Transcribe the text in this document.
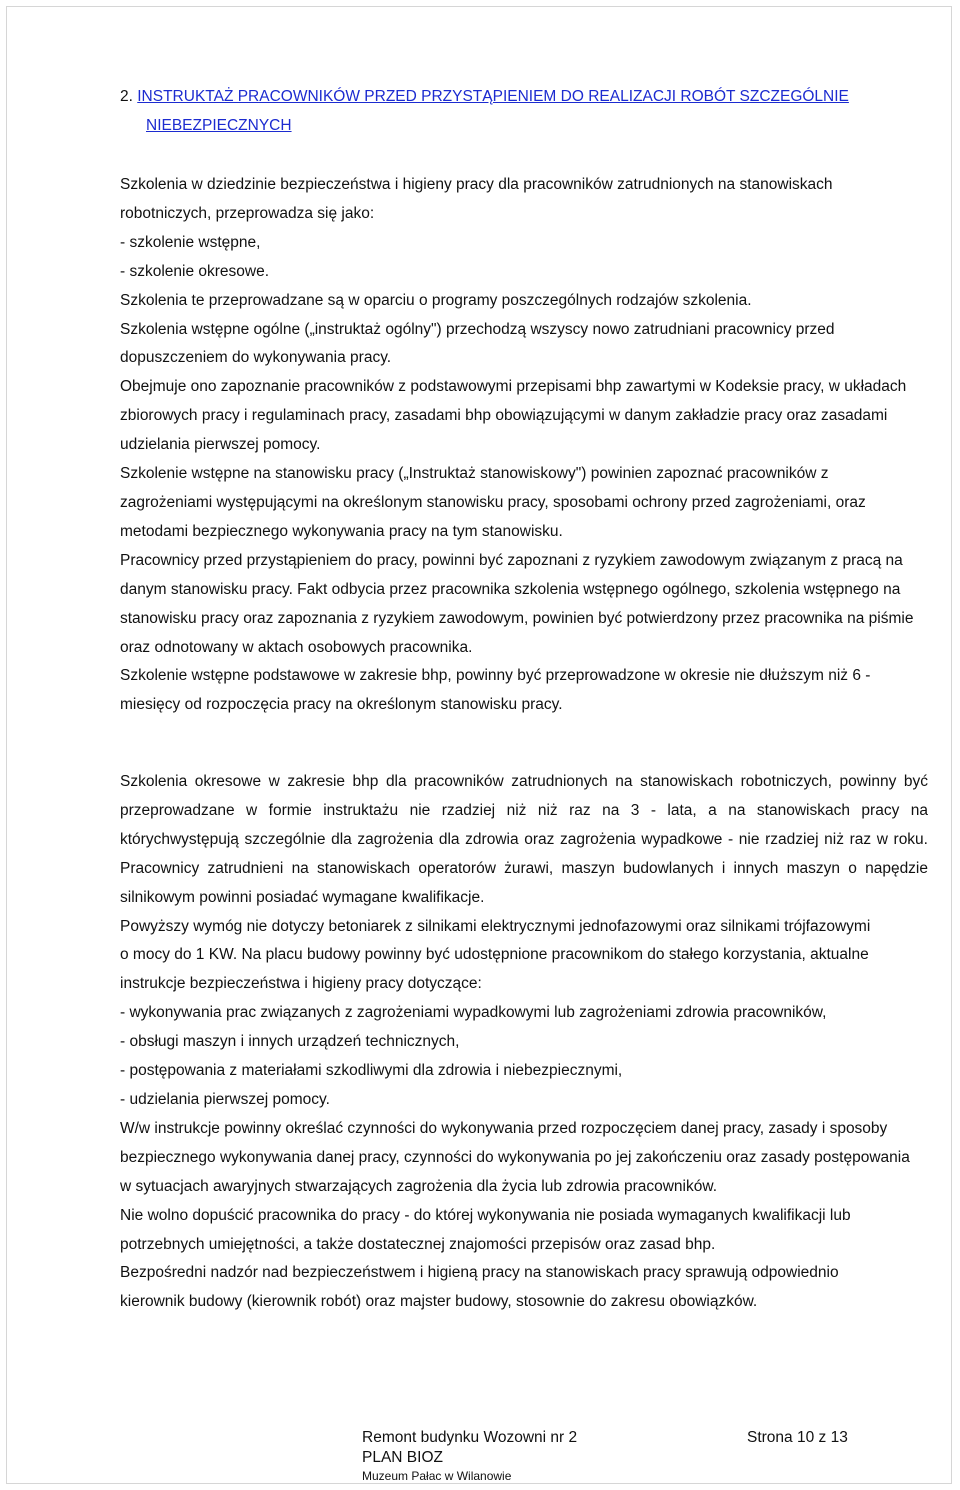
2. INSTRUKTAŻ PRACOWNIKÓW PRZED PRZYSTĄPIENIEM DO REALIZACJI ROBÓT SZCZEGÓLNIE
NIEBEZPIECZNYCH

Szkolenia w dziedzinie bezpieczeństwa i higieny pracy dla pracowników zatrudnionych na stanowiskach robotniczych, przeprowadza się jako:

- szkolenie wstępne,

- szkolenie okresowe.

Szkolenia te przeprowadzane są w oparciu o programy poszczególnych rodzajów szkolenia.

Szkolenia wstępne ogólne („instruktaż ogólny") przechodzą wszyscy nowo zatrudniani pracownicy przed dopuszczeniem do wykonywania pracy.

Obejmuje ono zapoznanie pracowników z podstawowymi przepisami bhp zawartymi w Kodeksie pracy, w układach zbiorowych pracy i regulaminach pracy, zasadami bhp obowiązującymi w danym zakładzie pracy oraz zasadami udzielania pierwszej pomocy.

Szkolenie wstępne na stanowisku pracy („Instruktaż stanowiskowy") powinien zapoznać pracowników z zagrożeniami występującymi na określonym stanowisku pracy, sposobami ochrony przed zagrożeniami, oraz metodami bezpiecznego wykonywania pracy na tym stanowisku.

Pracownicy przed przystąpieniem do pracy, powinni być zapoznani z ryzykiem zawodowym związanym z pracą na danym stanowisku pracy. Fakt odbycia przez pracownika szkolenia wstępnego ogólnego, szkolenia wstępnego na stanowisku pracy oraz zapoznania z ryzykiem zawodowym, powinien być potwierdzony przez pracownika na piśmie oraz odnotowany w aktach osobowych pracownika.

Szkolenie wstępne podstawowe w zakresie bhp, powinny być przeprowadzone w okresie nie dłuższym niż 6 - miesięcy od rozpoczęcia pracy na określonym stanowisku pracy.

Szkolenia okresowe w zakresie bhp dla pracowników zatrudnionych na stanowiskach robotniczych, powinny być przeprowadzane w formie instruktażu nie rzadziej niż niż raz na 3 - lata, a na stanowiskach pracy na którychwystępują szczególnie dla zagrożenia dla zdrowia oraz zagrożenia wypadkowe - nie rzadziej niż raz w roku. Pracownicy zatrudnieni na stanowiskach operatorów żurawi, maszyn budowlanych i innych maszyn o napędzie silnikowym powinni posiadać wymagane kwalifikacje.

Powyższy wymóg nie dotyczy betoniarek z silnikami elektrycznymi jednofazowymi oraz silnikami trójfazowymi o mocy do 1 KW. Na placu budowy powinny być udostępnione pracownikom do stałego korzystania, aktualne instrukcje bezpieczeństwa i higieny pracy dotyczące:

- wykonywania prac związanych z zagrożeniami wypadkowymi lub zagrożeniami zdrowia pracowników,

- obsługi maszyn i innych urządzeń technicznych,

- postępowania z materiałami szkodliwymi dla zdrowia i niebezpiecznymi,

- udzielania pierwszej pomocy.

W/w instrukcje powinny określać czynności do wykonywania przed rozpoczęciem danej pracy, zasady i sposoby bezpiecznego wykonywania danej pracy, czynności do wykonywania po jej zakończeniu oraz zasady postępowania w sytuacjach awaryjnych stwarzających zagrożenia dla życia lub zdrowia pracowników.

Nie wolno dopuścić pracownika do pracy - do której wykonywania nie posiada wymaganych kwalifikacji lub potrzebnych umiejętności, a także dostatecznej znajomości przepisów oraz zasad bhp.

Bezpośredni nadzór nad bezpieczeństwem i higieną pracy na stanowiskach pracy sprawują odpowiednio kierownik budowy (kierownik robót) oraz majster budowy, stosownie do zakresu obowiązków.

Remont budynku Wozowni nr 2	Strona 10 z 13
PLAN BIOZ
Muzeum Pałac w Wilanowie
